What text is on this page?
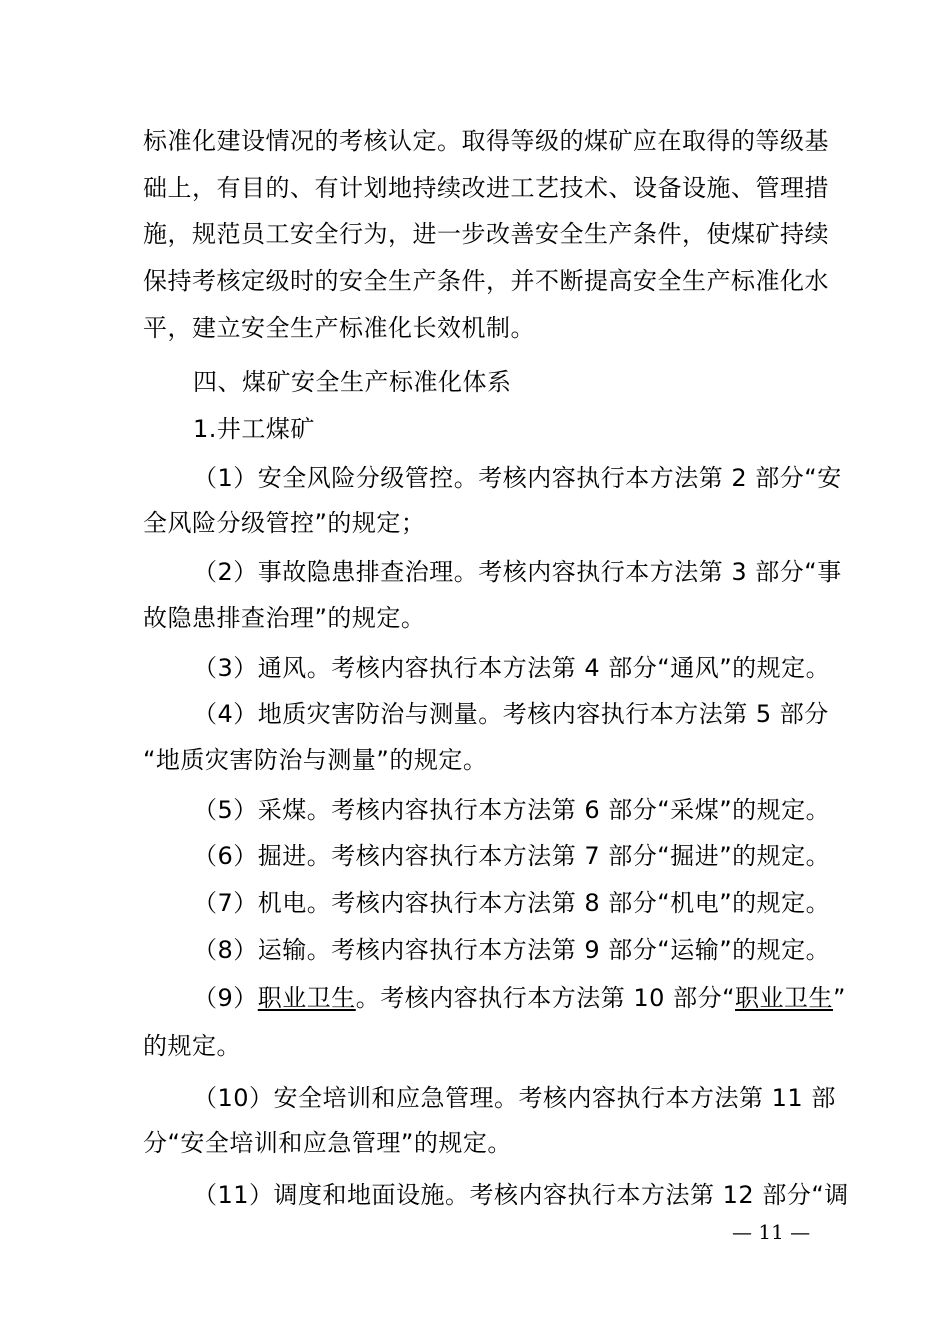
标准化建设情况的考核认定。取得等级的煤矿应在取得的等级基
础上，有目的、有计划地持续改进工艺技术、设备设施、管理措
施，规范员工安全行为，进一步改善安全生产条件，使煤矿持续
保持考核定级时的安全生产条件，并不断提高安全生产标准化水
平，建立安全生产标准化长效机制。
四、煤矿安全生产标准化体系
1.井工煤矿
（1）安全风险分级管控。考核内容执行本方法第 2 部分“安
全风险分级管控”的规定；
（2）事故隐患排查治理。考核内容执行本方法第 3 部分“事
故隐患排查治理”的规定。
（3）通风。考核内容执行本方法第 4 部分“通风”的规定。
（4）地质灾害防治与测量。考核内容执行本方法第 5 部分
“地质灾害防治与测量”的规定。
（5）采煤。考核内容执行本方法第 6 部分“采煤”的规定。
（6）掘进。考核内容执行本方法第 7 部分“掘进”的规定。
（7）机电。考核内容执行本方法第 8 部分“机电”的规定。
（8）运输。考核内容执行本方法第 9 部分“运输”的规定。
（9）职业卫生。考核内容执行本方法第 10 部分“职业卫生”
的规定。
（10）安全培训和应急管理。考核内容执行本方法第 11 部
分“安全培训和应急管理”的规定。
（11）调度和地面设施。考核内容执行本方法第 12 部分“调
— 11 —
